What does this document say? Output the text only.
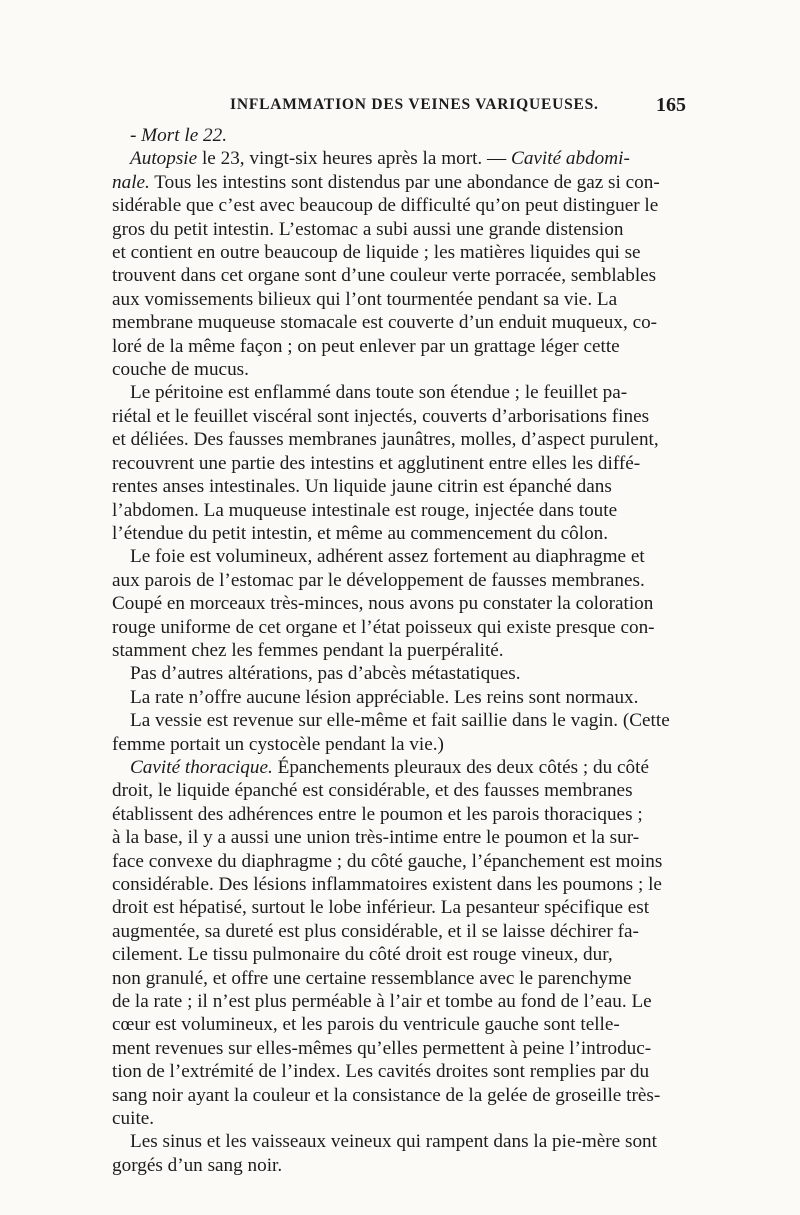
INFLAMMATION DES VEINES VARIQUEUSES.	165
- Mort le 22.
Autopsie le 23, vingt-six heures après la mort. — Cavité abdomi-
nale. Tous les intestins sont distendus par une abondance de gaz si con-
sidérable que c’est avec beaucoup de difficulté qu’on peut distinguer le
gros du petit intestin. L’estomac a subi aussi une grande distension
et contient en outre beaucoup de liquide ; les matières liquides qui se
trouvent dans cet organe sont d’une couleur verte porracée, semblables
aux vomissements bilieux qui l’ont tourmentée pendant sa vie. La
membrane muqueuse stomacale est couverte d’un enduit muqueux, co-
loré de la même façon ; on peut enlever par un grattage léger cette
couche de mucus.
Le péritoine est enflammé dans toute son étendue ; le feuillet pa-
riétal et le feuillet viscéral sont injectés, couverts d’arborisations fines
et déliées. Des fausses membranes jaunâtres, molles, d’aspect purulent,
recouvrent une partie des intestins et agglutinent entre elles les diffé-
rentes anses intestinales. Un liquide jaune citrin est épanché dans
l’abdomen. La muqueuse intestinale est rouge, injectée dans toute
l’étendue du petit intestin, et même au commencement du côlon.
Le foie est volumineux, adhérent assez fortement au diaphragme et
aux parois de l’estomac par le développement de fausses membranes.
Coupé en morceaux très-minces, nous avons pu constater la coloration
rouge uniforme de cet organe et l’état poisseux qui existe presque con-
stamment chez les femmes pendant la puerpéralité.
Pas d’autres altérations, pas d’abcès métastatiques.
La rate n’offre aucune lésion appréciable. Les reins sont normaux.
La vessie est revenue sur elle-même et fait saillie dans le vagin. (Cette
femme portait un cystocèle pendant la vie.)
Cavité thoracique. Épanchements pleuraux des deux côtés ; du côté
droit, le liquide épanché est considérable, et des fausses membranes
établissent des adhérences entre le poumon et les parois thoraciques ;
à la base, il y a aussi une union très-intime entre le poumon et la sur-
face convexe du diaphragme ; du côté gauche, l’épanchement est moins
considérable. Des lésions inflammatoires existent dans les poumons ; le
droit est hépatisé, surtout le lobe inférieur. La pesanteur spécifique est
augmentée, sa dureté est plus considérable, et il se laisse déchirer fa-
cilement. Le tissu pulmonaire du côté droit est rouge vineux, dur,
non granulé, et offre une certaine ressemblance avec le parenchyme
de la rate ; il n’est plus perméable à l’air et tombe au fond de l’eau. Le
cœur est volumineux, et les parois du ventricule gauche sont telle-
ment revenues sur elles-mêmes qu’elles permettent à peine l’introduc-
tion de l’extrémité de l’index. Les cavités droites sont remplies par du
sang noir ayant la couleur et la consistance de la gelée de groseille très-
cuite.
Les sinus et les vaisseaux veineux qui rampent dans la pie-mère sont
gorgés d’un sang noir.
